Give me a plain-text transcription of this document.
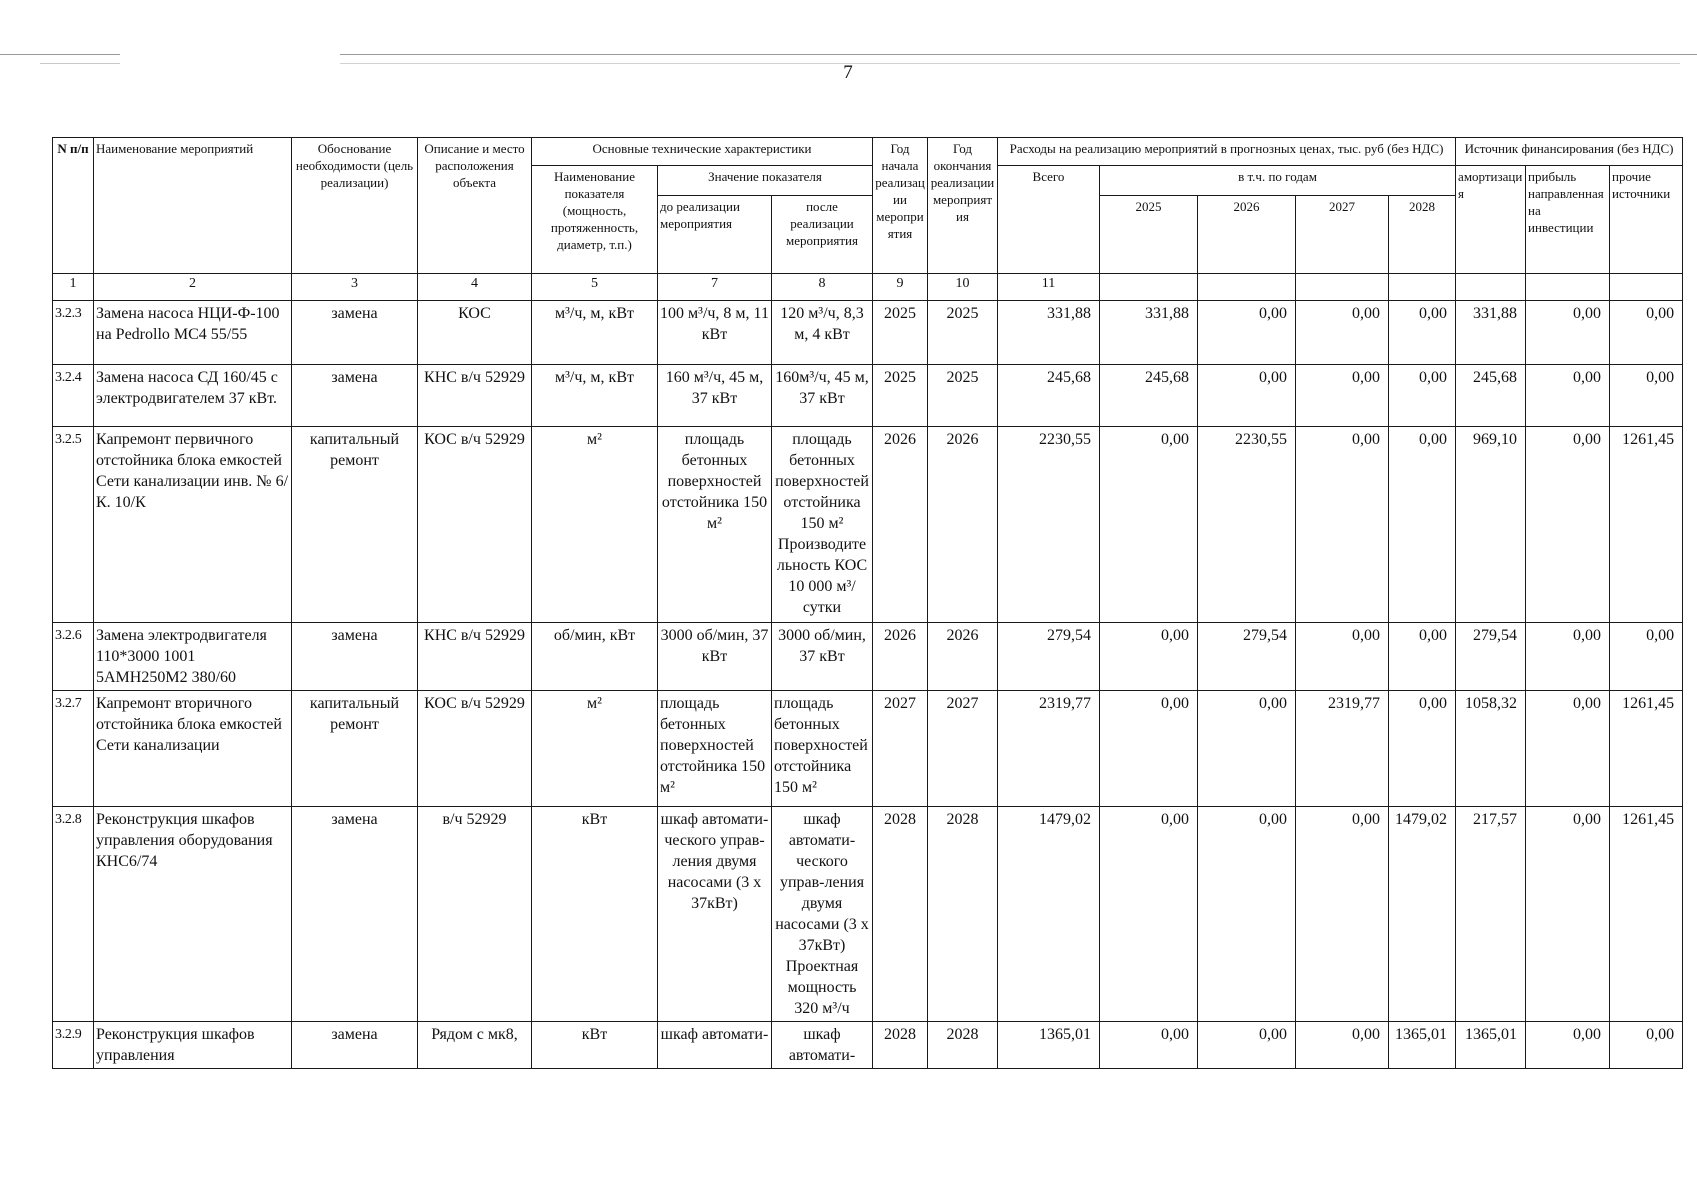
7
N п/п	Наименование мероприятий	Обоснование необходимости (цель реализации)	Описание и место расположения объекта	Основные технические характеристики			Год начала реализации мероприятия	Год окончания реализации мероприятия	Расходы на реализацию мероприятий в прогнозных ценах, тыс. руб (без НДС)					Источник финансирования (без НДС)		
				Наименование показателя (мощность, протяженность, диаметр, т.п.)	Значение показателя				Всего	в т.ч. по годам				амортизация	прибыль направленная на инвестиции	прочие источники
					до реализации мероприятия	после реализации мероприятия				2025	2026	2027	2028			
1	2	3	4	5	7	8	9	10	11							
3.2.3	Замена насоса НЦИ-Ф-100 на Pedrollo MC4 55/55	замена	КОС	м³/ч, м, кВт	100 м³/ч, 8 м, 11 кВт	120 м³/ч, 8,3 м, 4 кВт	2025	2025	331,88	331,88	0,00	0,00	0,00	331,88	0,00	0,00
3.2.4	Замена насоса СД 160/45 с электродвигателем 37 кВт.	замена	КНС в/ч 52929	м³/ч, м, кВт	160 м³/ч, 45 м, 37 кВт	160м³/ч, 45 м, 37 кВт	2025	2025	245,68	245,68	0,00	0,00	0,00	245,68	0,00	0,00
3.2.5	Капремонт первичного отстойника блока емкостей Сети канализации инв. № 6/К. 10/К	капитальный ремонт	КОС в/ч 52929	м²	площадь бетонных поверхностей отстойника 150 м²	площадь бетонных поверхностей отстойника 150 м² Производительность КОС 10 000 м³/сутки	2026	2026	2230,55	0,00	2230,55	0,00	0,00	969,10	0,00	1261,45
3.2.6	Замена электродвигателя 110*3000 1001 5АМН250М2 380/60	замена	КНС в/ч 52929	об/мин, кВт	3000 об/мин, 37 кВт	3000 об/мин, 37 кВт	2026	2026	279,54	0,00	279,54	0,00	0,00	279,54	0,00	0,00
3.2.7	Капремонт вторичного отстойника блока емкостей Сети канализации	капитальный ремонт	КОС в/ч 52929	м²	площадь бетонных поверхностей отстойника 150 м²	площадь бетонных поверхностей отстойника 150 м²	2027	2027	2319,77	0,00	0,00	2319,77	0,00	1058,32	0,00	1261,45
3.2.8	Реконструкция шкафов управления оборудования КНС6/74	замена	в/ч 52929	кВт	шкаф автомати-ческого управ-ления двумя насосами (3 х 37кВт)	шкаф автомати-ческого управ-ления двумя насосами (3 х 37кВт) Проектная мощность 320 м³/ч	2028	2028	1479,02	0,00	0,00	0,00	1479,02	217,57	0,00	1261,45
3.2.9	Реконструкция шкафов управления	замена	Рядом с мк8,	кВт	шкаф автомати-	шкаф автомати-	2028	2028	1365,01	0,00	0,00	0,00	1365,01	1365,01	0,00	0,00
